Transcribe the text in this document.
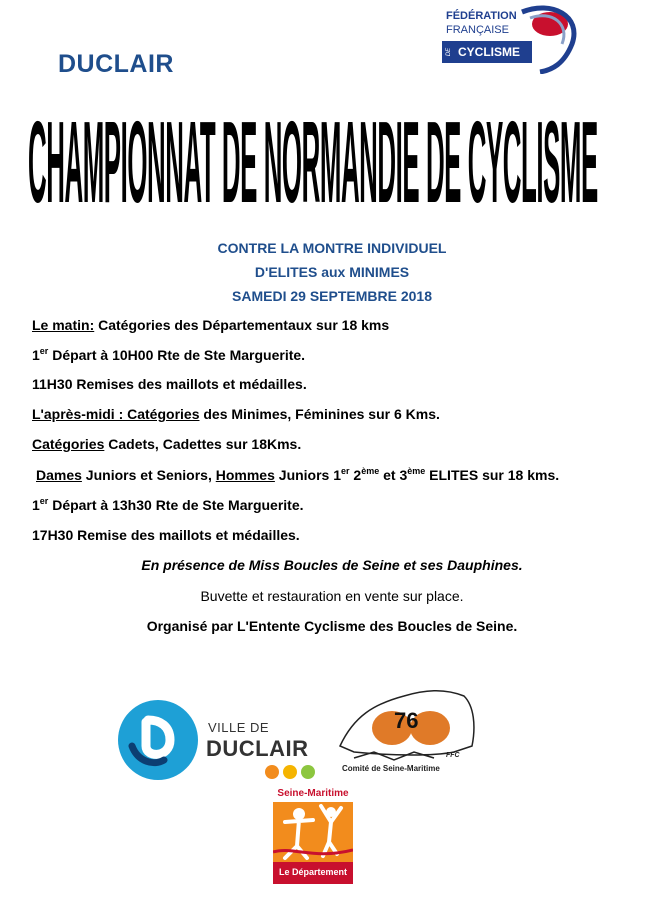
DUCLAIR
FÉDÉRATION
FRANÇAISE
DE CYCLISME
CHAMPIONNAT DE NORMANDIE DE CYCLISME
CONTRE LA MONTRE INDIVIDUEL
D'ELITES aux MINIMES
SAMEDI 29 SEPTEMBRE 2018
Le matin: Catégories des Départementaux sur 18 kms
1er Départ à 10H00 Rte de Ste Marguerite.
11H30 Remises des maillots et médailles.
L'après-midi : Catégories des Minimes, Féminines sur 6 Kms.
Catégories Cadets, Cadettes sur 18Kms.
Dames Juniors et Seniors, Hommes Juniors 1er 2ème et 3ème ELITES sur 18 kms.
1er Départ à 13h30 Rte de Ste Marguerite.
17H30 Remise des maillots et médailles.
En présence de Miss Boucles de Seine et ses Dauphines.
Buvette et restauration en vente sur place.
Organisé par L'Entente Cyclisme des Boucles de Seine.
VILLE DE
DUCLAIR
76
FFC
Comité de Seine-Maritime
Seine-Maritime
Le Département
